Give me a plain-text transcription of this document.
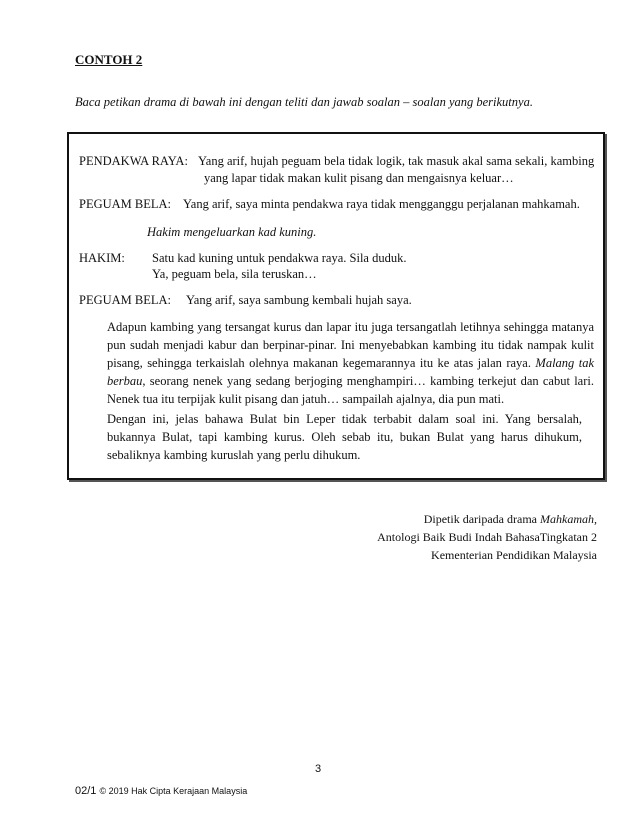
CONTOH 2
Baca petikan drama di bawah ini dengan teliti dan jawab soalan – soalan yang berikutnya.
PENDAKWA RAYA: Yang arif, hujah peguam bela tidak logik, tak masuk akal sama sekali, kambing
yang lapar tidak makan kulit pisang dan mengaisnya keluar…
PEGUAM BELA: Yang arif, saya minta pendakwa raya tidak mengganggu perjalanan mahkamah.
Hakim mengeluarkan kad kuning.
HAKIM: Satu kad kuning untuk pendakwa raya. Sila duduk.
Ya, peguam bela, sila teruskan…
PEGUAM BELA: Yang arif, saya sambung kembali hujah saya.
Adapun kambing yang tersangat kurus dan lapar itu juga tersangatlah letihnya sehingga matanya pun sudah menjadi kabur dan berpinar-pinar. Ini menyebabkan kambing itu tidak nampak kulit pisang, sehingga terkaislah olehnya makanan kegemarannya itu ke atas jalan raya. Malang tak berbau, seorang nenek yang sedang berjoging menghampiri… kambing terkejut dan cabut lari. Nenek tua itu terpijak kulit pisang dan jatuh… sampailah ajalnya, dia pun mati.
Dengan ini, jelas bahawa Bulat bin Leper tidak terbabit dalam soal ini. Yang bersalah, bukannya Bulat, tapi kambing kurus. Oleh sebab itu, bukan Bulat yang harus dihukum, sebaliknya kambing kuruslah yang perlu dihukum.
Dipetik daripada drama Mahkamah,
Antologi Baik Budi Indah BahasaTingkatan 2
Kementerian Pendidikan Malaysia
3
02/1 © 2019 Hak Cipta Kerajaan Malaysia
